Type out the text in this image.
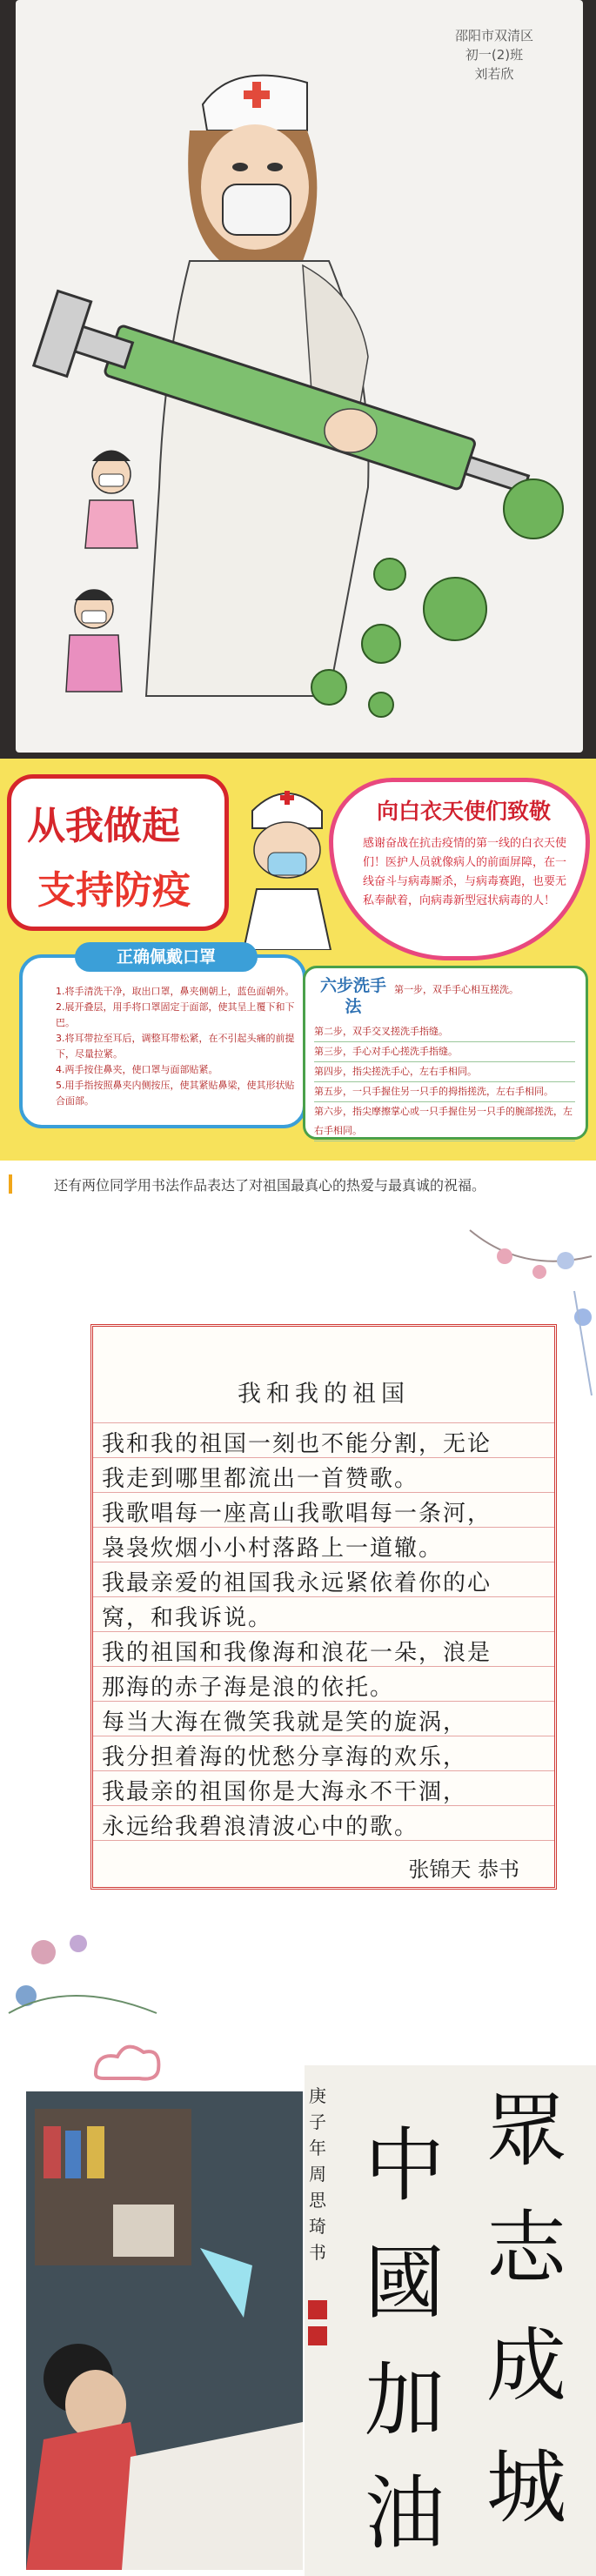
邵阳市双清区
初一(2)班
刘若欣
从我做起
支持防疫
向白衣天使们致敬
感谢奋战在抗击疫情的第一线的白衣天使们！医护人员就像病人的前面屏障，在一线奋斗与病毒厮杀，与病毒赛跑，也要无私奉献着，向病毒新型冠状病毒的人！
正确佩戴口罩
1.将手清洗干净，取出口罩，鼻夹侧朝上，蓝色面朝外。
2.展开叠层，用手将口罩固定于面部，使其呈上覆下和下巴。
3.将耳带拉至耳后，调整耳带松紧，在不引起头痛的前提下，尽量拉紧。
4.两手按住鼻夹，使口罩与面部贴紧。
5.用手指按照鼻夹内侧按压，使其紧贴鼻梁，使其形状贴合面部。
六步洗手法
第一步，双手手心相互搓洗。
第二步，双手交叉搓洗手指缝。
第三步，手心对手心搓洗手指缝。
第四步，指尖搓洗手心，左右手相同。
第五步，一只手握住另一只手的拇指搓洗，左右手相同。
第六步，指尖摩擦掌心或一只手握住另一只手的腕部搓洗，左右手相同。
还有两位同学用书法作品表达了对祖国最真心的热爱与最真诚的祝福。
我和我的祖国
我和我的祖国一刻也不能分割，无论
我走到哪里都流出一首赞歌。
我歌唱每一座高山我歌唱每一条河，
袅袅炊烟小小村落路上一道辙。
我最亲爱的祖国我永远紧依着你的心
窝，和我诉说。
我的祖国和我像海和浪花一朵，浪是
那海的赤子海是浪的依托。
每当大海在微笑我就是笑的旋涡，
我分担着海的忧愁分享海的欢乐，
我最亲的祖国你是大海永不干涸，
永远给我碧浪清波心中的歌。
张锦天 恭书
庚子年 周思琦书
眾
志
成
城
中
國
加
油
